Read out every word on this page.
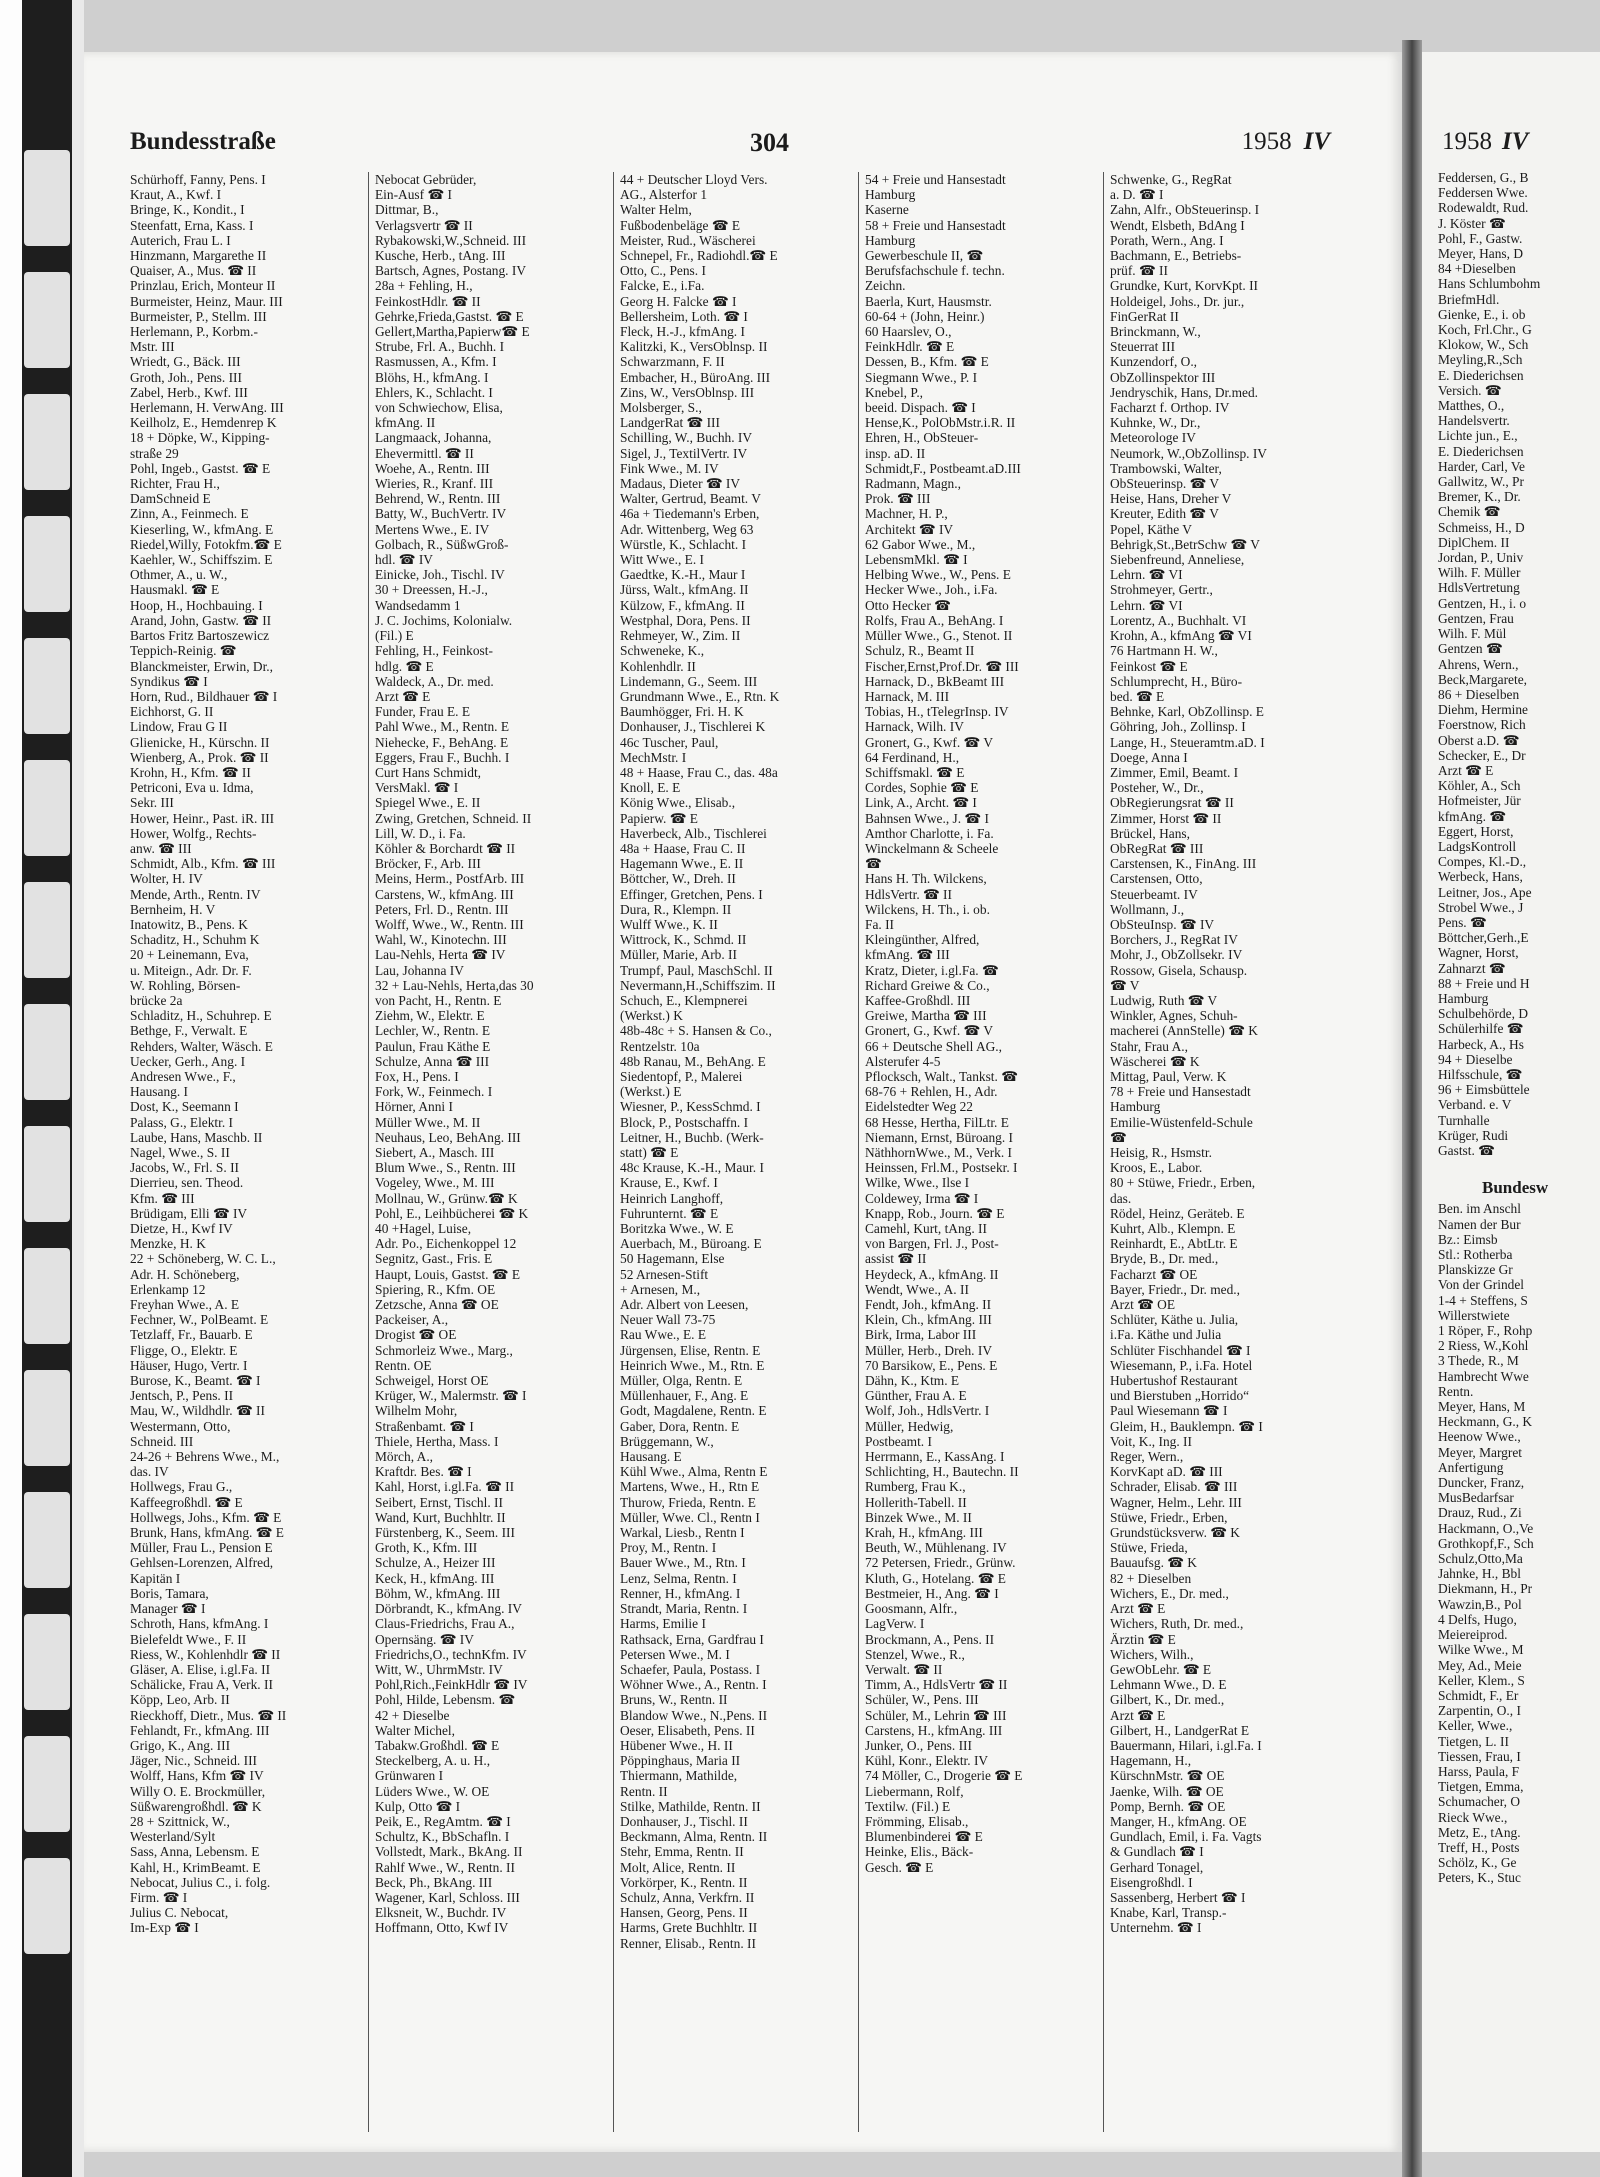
1958 IV
Feddersen, G., B
Feddersen Wwe.
Rodewaldt, Rud.
J. Köster ☎
Pohl, F., Gastw.
Meyer, Hans, D
84 +Dieselben
Hans Schlumbohm
BriefmHdl.
Gienke, E., i. ob
Koch, Frl.Chr., G
Klokow, W., Sch
Meyling,R.,Sch
E. Diederichsen
Versich. ☎
Matthes, O.,
Handelsvertr.
Lichte jun., E.,
E. Diederichsen
Harder, Carl, Ve
Gallwitz, W., Pr
Bremer, K., Dr.
Chemik ☎
Schmeiss, H., D
DiplChem. II
Jordan, P., Univ
Wilh. F. Müller
HdlsVertretung
Gentzen, H., i. o
Gentzen, Frau
Wilh. F. Mül
Gentzen ☎
Ahrens, Wern.,
Beck,Margarete,
86 + Dieselben
Diehm, Hermine
Foerstnow, Rich
Oberst a.D. ☎
Schecker, E., Dr
Arzt ☎ E
Köhler, A., Sch
Hofmeister, Jür
kfmAng. ☎
Eggert, Horst,
LadgsKontroll
Compes, Kl.-D.,
Werbeck, Hans,
Leitner, Jos., Ape
Strobel Wwe., J
Pens. ☎
Böttcher,Gerh.,E
Wagner, Horst,
Zahnarzt ☎
88 + Freie und H
Hamburg
Schulbehörde, D
Schülerhilfe ☎
Harbeck, A., Hs
94 + Dieselbe
Hilfsschule, ☎
96 + Eimsbüttele
Verband. e. V
Turnhalle
Krüger, Rudi
Gastst. ☎
Bundesw
Ben. im Anschl
Namen der Bur
Bz.: Eimsb
Stl.: Rotherba
Planskizze Gr
Von der Grindel
1-4 + Steffens, S
Willerstwiete
1 Röper, F., Rohp
2 Riess, W.,Kohl
3 Thede, R., M
Hambrecht Wwe
Rentn.
Meyer, Hans, M
Heckmann, G., K
Heenow Wwe.,
Meyer, Margret
Anfertigung
Duncker, Franz,
MusBedarfsar
Drauz, Rud., Zi
Hackmann, O.,Ve
Grothkopf,F., Sch
Schulz,Otto,Ma
Jahnke, H., Bbl
Diekmann, H., Pr
Wawzin,B., Pol
4 Delfs, Hugo,
Meiereiprod.
Wilke Wwe., M
Mey, Ad., Meie
Keller, Klem., S
Schmidt, F., Er
Zarpentin, O., I
Keller, Wwe.,
Tietgen, L. II
Tiessen, Frau, I
Harss, Paula, F
Tietgen, Emma,
Schumacher, O
Rieck Wwe.,
Metz, E., tAng.
Treff, H., Posts
Schölz, K., Ge
Peters, K., Stuc
Bundesstraße	304	1958 IV
Schürhoff, Fanny, Pens. I
Kraut, A., Kwf. I
Bringe, K., Kondit., I
Steenfatt, Erna, Kass. I
Auterich, Frau L. I
Hinzmann, Margarethe II
Quaiser, A., Mus. ☎ II
Prinzlau, Erich, Monteur II
Burmeister, Heinz, Maur. III
Burmeister, P., Stellm. III
Herlemann, P., Korbm.-
Mstr. III
Wriedt, G., Bäck. III
Groth, Joh., Pens. III
Zabel, Herb., Kwf. III
Herlemann, H. VerwAng. III
Keilholz, E., Hemdenrep K
18 + Döpke, W., Kipping-
straße 29
Pohl, Ingeb., Gastst. ☎ E
Richter, Frau H.,
DamSchneid E
Zinn, A., Feinmech. E
Kieserling, W., kfmAng. E
Riedel,Willy, Fotokfm.☎ E
Kaehler, W., Schiffszim. E
Othmer, A., u. W.,
Hausmakl. ☎ E
Hoop, H., Hochbauing. I
Arand, John, Gastw. ☎ II
Bartos Fritz Bartoszewicz
Teppich-Reinig. ☎
Blanckmeister, Erwin, Dr.,
Syndikus ☎ I
Horn, Rud., Bildhauer ☎ I
Eichhorst, G. II
Lindow, Frau G II
Glienicke, H., Kürschn. II
Wienberg, A., Prok. ☎ II
Krohn, H., Kfm. ☎ II
Petriconi, Eva u. Idma,
Sekr. III
Hower, Heinr., Past. iR. III
Hower, Wolfg., Rechts-
anw. ☎ III
Schmidt, Alb., Kfm. ☎ III
Wolter, H. IV
Mende, Arth., Rentn. IV
Bernheim, H. V
Inatowitz, B., Pens. K
Schaditz, H., Schuhm K
20 + Leinemann, Eva,
u. Miteign., Adr. Dr. F.
W. Rohling, Börsen-
brücke 2a
Schladitz, H., Schuhrep. E
Bethge, F., Verwalt. E
Rehders, Walter, Wäsch. E
Uecker, Gerh., Ang. I
Andresen Wwe., F.,
Hausang. I
Dost, K., Seemann I
Palass, G., Elektr. I
Laube, Hans, Maschb. II
Nagel, Wwe., S. II
Jacobs, W., Frl. S. II
Dierrieu, sen. Theod.
Kfm. ☎ III
Brüdigam, Elli ☎ IV
Dietze, H., Kwf IV
Menzke, H. K
22 + Schöneberg, W. C. L.,
Adr. H. Schöneberg,
Erlenkamp 12
Freyhan Wwe., A. E
Fechner, W., PolBeamt. E
Tetzlaff, Fr., Bauarb. E
Fligge, O., Elektr. E
Häuser, Hugo, Vertr. I
Burose, K., Beamt. ☎ I
Jentsch, P., Pens. II
Mau, W., Wildhdlr. ☎ II
Westermann, Otto,
Schneid. III
24-26 + Behrens Wwe., M.,
das. IV
Hollwegs, Frau G.,
Kaffeegroßhdl. ☎ E
Hollwegs, Johs., Kfm. ☎ E
Brunk, Hans, kfmAng. ☎ E
Müller, Frau L., Pension E
Gehlsen-Lorenzen, Alfred,
Kapitän I
Boris, Tamara,
Manager ☎ I
Schroth, Hans, kfmAng. I
Bielefeldt Wwe., F. II
Riess, W., Kohlenhdlr ☎ II
Gläser, A. Elise, i.gl.Fa. II
Schälicke, Frau A, Verk. II
Köpp, Leo, Arb. II
Rieckhoff, Dietr., Mus. ☎ II
Fehlandt, Fr., kfmAng. III
Grigo, K., Ang. III
Jäger, Nic., Schneid. III
Wolff, Hans, Kfm ☎ IV
Willy O. E. Brockmüller,
Süßwarengroßhdl. ☎ K
28 + Szittnick, W.,
Westerland/Sylt
Sass, Anna, Lebensm. E
Kahl, H., KrimBeamt. E
Nebocat, Julius C., i. folg.
Firm. ☎ I
Julius C. Nebocat,
Im-Exp ☎ I
Nebocat Gebrüder,
Ein-Ausf ☎ I
Dittmar, B.,
Verlagsvertr ☎ II
Rybakowski,W.,Schneid. III
Kusche, Herb., tAng. III
Bartsch, Agnes, Postang. IV
28a + Fehling, H.,
FeinkostHdlr. ☎ II
Gehrke,Frieda,Gastst. ☎ E
Gellert,Martha,Papierw☎ E
Strube, Frl. A., Buchh. I
Rasmussen, A., Kfm. I
Blöhs, H., kfmAng. I
Ehlers, K., Schlacht. I
von Schwiechow, Elisa,
kfmAng. II
Langmaack, Johanna,
Ehevermittl. ☎ II
Woehe, A., Rentn. III
Wieries, R., Kranf. III
Behrend, W., Rentn. III
Batty, W., BuchVertr. IV
Mertens Wwe., E. IV
Golbach, R., SüßwGroß-
hdl. ☎ IV
Einicke, Joh., Tischl. IV
30 + Dreessen, H.-J.,
Wandsedamm 1
J. C. Jochims, Kolonialw.
(Fil.) E
Fehling, H., Feinkost-
hdlg. ☎ E
Waldeck, A., Dr. med.
Arzt ☎ E
Funder, Frau E. E
Pahl Wwe., M., Rentn. E
Niehecke, F., BehAng. E
Eggers, Frau F., Buchh. I
Curt Hans Schmidt,
VersMakl. ☎ I
Spiegel Wwe., E. II
Zwing, Gretchen, Schneid. II
Lill, W. D., i. Fa.
Köhler & Borchardt ☎ II
Bröcker, F., Arb. III
Meins, Herm., PostfArb. III
Carstens, W., kfmAng. III
Peters, Frl. D., Rentn. III
Wolff, Wwe., W., Rentn. III
Wahl, W., Kinotechn. III
Lau-Nehls, Herta ☎ IV
Lau, Johanna IV
32 + Lau-Nehls, Herta,das 30
von Pacht, H., Rentn. E
Ziehm, W., Elektr. E
Lechler, W., Rentn. E
Paulun, Frau Käthe E
Schulze, Anna ☎ III
Fox, H., Pens. I
Fork, W., Feinmech. I
Hörner, Anni I
Müller Wwe., M. II
Neuhaus, Leo, BehAng. III
Siebert, A., Masch. III
Blum Wwe., S., Rentn. III
Vogeley, Wwe., M. III
Mollnau, W., Grünw.☎ K
Pohl, E., Leihbücherei ☎ K
40 +Hagel, Luise,
Adr. Po., Eichenkoppel 12
Segnitz, Gast., Fris. E
Haupt, Louis, Gastst. ☎ E
Spiering, R., Kfm. OE
Zetzsche, Anna ☎ OE
Packeiser, A.,
Drogist ☎ OE
Schmorleiz Wwe., Marg.,
Rentn. OE
Schweigel, Horst OE
Krüger, W., Malermstr. ☎ I
Wilhelm Mohr,
Straßenbamt. ☎ I
Thiele, Hertha, Mass. I
Mörch, A.,
Kraftdr. Bes. ☎ I
Kahl, Horst, i.gl.Fa. ☎ II
Seibert, Ernst, Tischl. II
Wand, Kurt, Buchhltr. II
Fürstenberg, K., Seem. III
Groth, K., Kfm. III
Schulze, A., Heizer III
Keck, H., kfmAng. III
Böhm, W., kfmAng. III
Dörbrandt, K., kfmAng. IV
Claus-Friedrichs, Frau A.,
Opernsäng. ☎ IV
Friedrichs,O., technKfm. IV
Witt, W., UhrmMstr. IV
Pohl,Rich.,FeinkHdlr ☎ IV
Pohl, Hilde, Lebensm. ☎
42 + Dieselbe
Walter Michel,
Tabakw.Großhdl. ☎ E
Steckelberg, A. u. H.,
Grünwaren I
Lüders Wwe., W. OE
Kulp, Otto ☎ I
Peik, E., RegAmtm. ☎ I
Schultz, K., BbSchafln. I
Vollstedt, Mark., BkAng. II
Rahlf Wwe., W., Rentn. II
Beck, Ph., BkAng. III
Wagener, Karl, Schloss. III
Elksneit, W., Buchdr. IV
Hoffmann, Otto, Kwf IV
44 + Deutscher Lloyd Vers.
AG., Alsterfor 1
Walter Helm,
Fußbodenbeläge ☎ E
Meister, Rud., Wäscherei
Schnepel, Fr., Radiohdl.☎ E
Otto, C., Pens. I
Falcke, E., i.Fa.
Georg H. Falcke ☎ I
Bellersheim, Loth. ☎ I
Fleck, H.-J., kfmAng. I
Kalitzki, K., VersOblnsp. II
Schwarzmann, F. II
Embacher, H., BüroAng. III
Zins, W., VersOblnsp. III
Molsberger, S.,
LandgerRat ☎ III
Schilling, W., Buchh. IV
Sigel, J., TextilVertr. IV
Fink Wwe., M. IV
Madaus, Dieter ☎ IV
Walter, Gertrud, Beamt. V
46a + Tiedemann's Erben,
Adr. Wittenberg, Weg 63
Würstle, K., Schlacht. I
Witt Wwe., E. I
Gaedtke, K.-H., Maur I
Jürss, Walt., kfmAng. II
Külzow, F., kfmAng. II
Westphal, Dora, Pens. II
Rehmeyer, W., Zim. II
Schweneke, K.,
Kohlenhdlr. II
Lindemann, G., Seem. III
Grundmann Wwe., E., Rtn. K
Baumhögger, Fri. H. K
Donhauser, J., Tischlerei K
46c Tuscher, Paul,
MechMstr. I
48 + Haase, Frau C., das. 48a
Knoll, E. E
König Wwe., Elisab.,
Papierw. ☎ E
Haverbeck, Alb., Tischlerei
48a + Haase, Frau C. II
Hagemann Wwe., E. II
Böttcher, W., Dreh. II
Effinger, Gretchen, Pens. I
Dura, R., Klempn. II
Wulff Wwe., K. II
Wittrock, K., Schmd. II
Müller, Marie, Arb. II
Trumpf, Paul, MaschSchl. II
Nevermann,H.,Schiffszim. II
Schuch, E., Klempnerei
(Werkst.) K
48b-48c + S. Hansen & Co.,
Rentzelstr. 10a
48b Ranau, M., BehAng. E
Siedentopf, P., Malerei
(Werkst.) E
Wiesner, P., KessSchmd. I
Block, P., Postschaffn. I
Leitner, H., Buchb. (Werk-
statt) ☎ E
48c Krause, K.-H., Maur. I
Krause, E., Kwf. I
Heinrich Langhoff,
Fuhrunternt. ☎ E
Boritzka Wwe., W. E
Auerbach, M., Büroang. E
50 Hagemann, Else
52 Arnesen-Stift
+ Arnesen, M.,
Adr. Albert von Leesen,
Neuer Wall 73-75
Rau Wwe., E. E
Jürgensen, Elise, Rentn. E
Heinrich Wwe., M., Rtn. E
Müller, Olga, Rentn. E
Müllenhauer, F., Ang. E
Godt, Magdalene, Rentn. E
Gaber, Dora, Rentn. E
Brüggemann, W.,
Hausang. E
Kühl Wwe., Alma, Rentn E
Martens, Wwe., H., Rtn E
Thurow, Frieda, Rentn. E
Müller, Wwe. Cl., Rentn I
Warkal, Liesb., Rentn I
Proy, M., Rentn. I
Bauer Wwe., M., Rtn. I
Lenz, Selma, Rentn. I
Renner, H., kfmAng. I
Strandt, Maria, Rentn. I
Harms, Emilie I
Rathsack, Erna, Gardfrau I
Petersen Wwe., M. I
Schaefer, Paula, Postass. I
Wöhner Wwe., A., Rentn. I
Bruns, W., Rentn. II
Blandow Wwe., N.,Pens. II
Oeser, Elisabeth, Pens. II
Hübener Wwe., H. II
Pöppinghaus, Maria II
Thiermann, Mathilde,
Rentn. II
Stilke, Mathilde, Rentn. II
Donhauser, J., Tischl. II
Beckmann, Alma, Rentn. II
Stehr, Emma, Rentn. II
Molt, Alice, Rentn. II
Vorkörper, K., Rentn. II
Schulz, Anna, Verkfrn. II
Hansen, Georg, Pens. II
Harms, Grete Buchhltr. II
Renner, Elisab., Rentn. II
54 + Freie und Hansestadt
Hamburg
Kaserne
58 + Freie und Hansestadt
Hamburg
Gewerbeschule II, ☎
Berufsfachschule f. techn.
Zeichn.
Baerla, Kurt, Hausmstr.
60-64 + (John, Heinr.)
60 Haarslev, O.,
FeinkHdlr. ☎ E
Dessen, B., Kfm. ☎ E
Siegmann Wwe., P. I
Knebel, P.,
beeid. Dispach. ☎ I
Hense,K., PolObMstr.i.R. II
Ehren, H., ObSteuer-
insp. aD. II
Schmidt,F., Postbeamt.aD.III
Radmann, Magn.,
Prok. ☎ III
Machner, H. P.,
Architekt ☎ IV
62 Gabor Wwe., M.,
LebensmMkl. ☎ I
Helbing Wwe., W., Pens. E
Hecker Wwe., Joh., i.Fa.
Otto Hecker ☎
Rolfs, Frau A., BehAng. I
Müller Wwe., G., Stenot. II
Schulz, R., Beamt II
Fischer,Ernst,Prof.Dr. ☎ III
Harnack, D., BkBeamt III
Harnack, M. III
Tobias, H., tTelegrInsp. IV
Harnack, Wilh. IV
Gronert, G., Kwf. ☎ V
64 Ferdinand, H.,
Schiffsmakl. ☎ E
Cordes, Sophie ☎ E
Link, A., Archt. ☎ I
Bahnsen Wwe., J. ☎ I
Amthor Charlotte, i. Fa.
Winckelmann & Scheele
☎
Hans H. Th. Wilckens,
HdlsVertr. ☎ II
Wilckens, H. Th., i. ob.
Fa. II
Kleingünther, Alfred,
kfmAng. ☎ III
Kratz, Dieter, i.gl.Fa. ☎
Richard Greiwe & Co.,
Kaffee-Großhdl. III
Greiwe, Martha ☎ III
Gronert, G., Kwf. ☎ V
66 + Deutsche Shell AG.,
Alsterufer 4-5
Pflocksch, Walt., Tankst. ☎
68-76 + Rehlen, H., Adr.
Eidelstedter Weg 22
68 Hesse, Hertha, FilLtr. E
Niemann, Ernst, Büroang. I
NäthhornWwe., M., Verk. I
Heinssen, Frl.M., Postsekr. I
Wilke, Wwe., Ilse I
Coldewey, Irma ☎ I
Knapp, Rob., Journ. ☎ E
Camehl, Kurt, tAng. II
von Bargen, Frl. J., Post-
assist ☎ II
Heydeck, A., kfmAng. II
Wendt, Wwe., A. II
Fendt, Joh., kfmAng. II
Klein, Ch., kfmAng. III
Birk, Irma, Labor III
Müller, Herb., Dreh. IV
70 Barsikow, E., Pens. E
Dähn, K., Ktm. E
Günther, Frau A. E
Wolf, Joh., HdlsVertr. I
Müller, Hedwig,
Postbeamt. I
Herrmann, E., KassAng. I
Schlichting, H., Bautechn. II
Rumberg, Frau K.,
Hollerith-Tabell. II
Binzek Wwe., M. II
Krah, H., kfmAng. III
Beuth, W., Mühlenang. IV
72 Petersen, Friedr., Grünw.
Kluth, G., Hotelang. ☎ E
Bestmeier, H., Ang. ☎ I
Goosmann, Alfr.,
LagVerw. I
Brockmann, A., Pens. II
Stenzel, Wwe., R.,
Verwalt. ☎ II
Timm, A., HdlsVertr ☎ II
Schüler, W., Pens. III
Schüler, M., Lehrin ☎ III
Carstens, H., kfmAng. III
Junker, O., Pens. III
Kühl, Konr., Elektr. IV
74 Möller, C., Drogerie ☎ E
Liebermann, Rolf,
Textilw. (Fil.) E
Frömming, Elisab.,
Blumenbinderei ☎ E
Heinke, Elis., Bäck-
Gesch. ☎ E
Schwenke, G., RegRat
a. D. ☎ I
Zahn, Alfr., ObSteuerinsp. I
Wendt, Elsbeth, BdAng I
Porath, Wern., Ang. I
Bachmann, E., Betriebs-
prüf. ☎ II
Grundke, Kurt, KorvKpt. II
Holdeigel, Johs., Dr. jur.,
FinGerRat II
Brinckmann, W.,
Steuerrat III
Kunzendorf, O.,
ObZollinspektor III
Jendryschik, Hans, Dr.med.
Facharzt f. Orthop. IV
Kuhnke, W., Dr.,
Meteorologe IV
Neumork, W.,ObZollinsp. IV
Trambowski, Walter,
ObSteuerinsp. ☎ V
Heise, Hans, Dreher V
Kreuter, Edith ☎ V
Popel, Käthe V
Behrigk,St.,BetrSchw ☎ V
Siebenfreund, Anneliese,
Lehrn. ☎ VI
Strohmeyer, Gertr.,
Lehrn. ☎ VI
Lorentz, A., Buchhalt. VI
Krohn, A., kfmAng ☎ VI
76 Hartmann H. W.,
Feinkost ☎ E
Schlumprecht, H., Büro-
bed. ☎ E
Behnke, Karl, ObZollinsp. E
Göhring, Joh., Zollinsp. I
Lange, H., Steueramtm.aD. I
Doege, Anna I
Zimmer, Emil, Beamt. I
Posteher, W., Dr.,
ObRegierungsrat ☎ II
Zimmer, Horst ☎ II
Brückel, Hans,
ObRegRat ☎ III
Carstensen, K., FinAng. III
Carstensen, Otto,
Steuerbeamt. IV
Wollmann, J.,
ObSteuInsp. ☎ IV
Borchers, J., RegRat IV
Mohr, J., ObZollsekr. IV
Rossow, Gisela, Schausp.
☎ V
Ludwig, Ruth ☎ V
Winkler, Agnes, Schuh-
macherei (AnnStelle) ☎ K
Stahr, Frau A.,
Wäscherei ☎ K
Mittag, Paul, Verw. K
78 + Freie und Hansestadt
Hamburg
Emilie-Wüstenfeld-Schule
☎
Heisig, R., Hsmstr.
Kroos, E., Labor.
80 + Stüwe, Friedr., Erben,
das.
Rödel, Heinz, Geräteb. E
Kuhrt, Alb., Klempn. E
Reinhardt, E., AbtLtr. E
Bryde, B., Dr. med.,
Facharzt ☎ OE
Bayer, Friedr., Dr. med.,
Arzt ☎ OE
Schlüter, Käthe u. Julia,
i.Fa. Käthe und Julia
Schlüter Fischhandel ☎ I
Wiesemann, P., i.Fa. Hotel
Hubertushof Restaurant
und Bierstuben „Horrido“
Paul Wiesemann ☎ I
Gleim, H., Bauklempn. ☎ I
Voit, K., Ing. II
Reger, Wern.,
KorvKapt aD. ☎ III
Schrader, Elisab. ☎ III
Wagner, Helm., Lehr. III
Stüwe, Friedr., Erben,
Grundstücksverw. ☎ K
Stüwe, Frieda,
Bauaufsg. ☎ K
82 + Dieselben
Wichers, E., Dr. med.,
Arzt ☎ E
Wichers, Ruth, Dr. med.,
Ärztin ☎ E
Wichers, Wilh.,
GewObLehr. ☎ E
Lehmann Wwe., D. E
Gilbert, K., Dr. med.,
Arzt ☎ E
Gilbert, H., LandgerRat E
Bauermann, Hilari, i.gl.Fa. I
Hagemann, H.,
KürschnMstr. ☎ OE
Jaenke, Wilh. ☎ OE
Pomp, Bernh. ☎ OE
Manger, H., kfmAng. OE
Gundlach, Emil, i. Fa. Vagts
& Gundlach ☎ I
Gerhard Tonagel,
Eisengroßhdl. I
Sassenberg, Herbert ☎ I
Knabe, Karl, Transp.-
Unternehm. ☎ I
